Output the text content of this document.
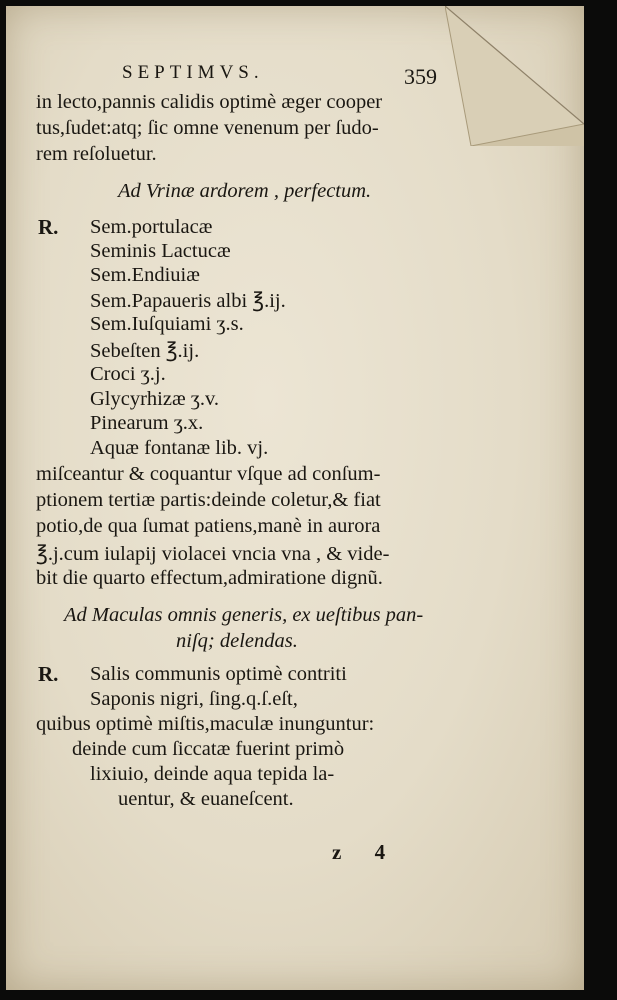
SEPTIMVS.	359
in lecto,pannis calidis optimè æger cooper
tus,ſudet:atq; ſic omne venenum per ſudo-
rem reſoluetur.
Ad Vrinæ ardorem , perfectum.
R. Sem.portulacæ
Seminis Lactucæ
Sem.Endiuiæ
Sem.Papaueris albi ℥.ij.
Sem.Iuſquiami ʒ.s.
Sebeſten ℥.ij.
Croci ʒ.j.
Glycyrhizæ ʒ.v.
Pinearum ʒ.x.
Aquæ fontanæ lib. vj.
miſceantur & coquantur vſque ad conſum-
ptionem tertiæ partis:deinde coletur,& fiat
potio,de qua ſumat patiens,manè in aurora
℥.j.cum iulapij violacei vncia vna , & vide-
bit die quarto effectum,admiratione dignũ.
Ad Maculas omnis generis, ex ueſtibus pan-
niſq; delendas.
R. Salis communis optimè contriti
Saponis nigri, ſing.q.ſ.eſt,
quibus optimè miſtis,maculæ inunguntur:
deinde cum ſiccatæ fuerint primò
lixiuio, deinde aqua tepida la-
uentur, & euaneſcent.
z 4
